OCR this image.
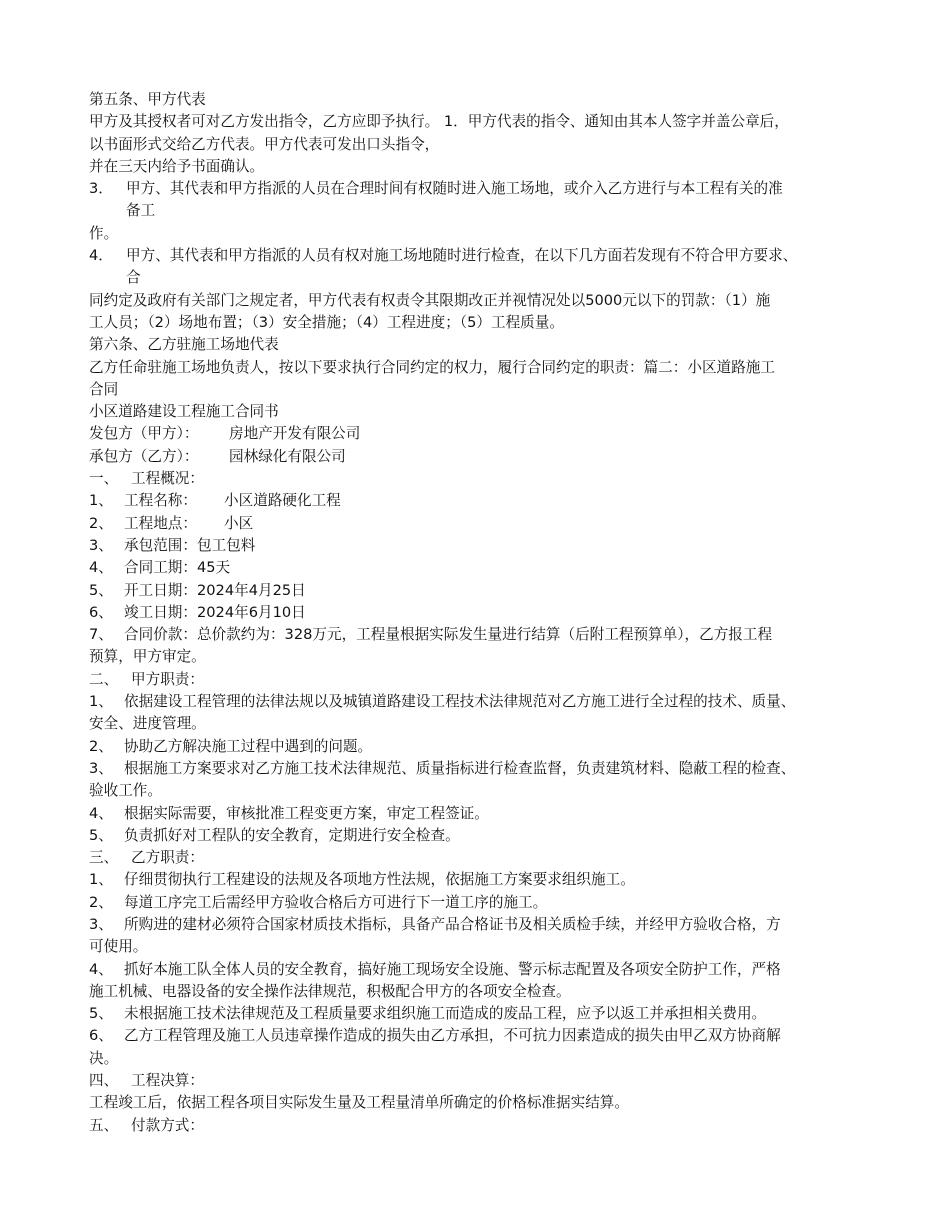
第五条、甲方代表
甲方及其授权者可对乙方发出指令，乙方应即予执行。 1．甲方代表的指令、通知由其本人签字并盖公章后，
以书面形式交给乙方代表。甲方代表可发出口头指令，
并在三天内给予书面确认。
3． 甲方、其代表和甲方指派的人员在合理时间有权随时进入施工场地，或介入乙方进行与本工程有关的准
备工
作。
4． 甲方、其代表和甲方指派的人员有权对施工场地随时进行检查，在以下几方面若发现有不符合甲方要求、
合
同约定及政府有关部门之规定者，甲方代表有权责令其限期改正并视情况处以5000元以下的罚款：（1）施
工人员；（2）场地布置；（3）安全措施；（4）工程进度；（5）工程质量。
第六条、乙方驻施工场地代表
乙方任命驻施工场地负责人，按以下要求执行合同约定的权力，履行合同约定的职责：篇二：小区道路施工
合同
小区道路建设工程施工合同书
发包方（甲方）：	房地产开发有限公司
承包方（乙方）：	园林绿化有限公司
一、 工程概况：
1、 工程名称：	小区道路硬化工程
2、 工程地点：	小区
3、 承包范围：包工包料
4、 合同工期：45天
5、 开工日期：2024年4月25日
6、 竣工日期：2024年6月10日
7、 合同价款：总价款约为：328万元，工程量根据实际发生量进行结算（后附工程预算单），乙方报工程
预算，甲方审定。
二、 甲方职责：
1、 依据建设工程管理的法律法规以及城镇道路建设工程技术法律规范对乙方施工进行全过程的技术、质量、
安全、进度管理。
2、 协助乙方解决施工过程中遇到的问题。
3、 根据施工方案要求对乙方施工技术法律规范、质量指标进行检查监督，负责建筑材料、隐蔽工程的检查、
验收工作。
4、 根据实际需要，审核批准工程变更方案，审定工程签证。
5、 负责抓好对工程队的安全教育，定期进行安全检查。
三、 乙方职责：
1、 仔细贯彻执行工程建设的法规及各项地方性法规，依据施工方案要求组织施工。
2、 每道工序完工后需经甲方验收合格后方可进行下一道工序的施工。
3、 所购进的建材必须符合国家材质技术指标，具备产品合格证书及相关质检手续，并经甲方验收合格，方
可使用。
4、 抓好本施工队全体人员的安全教育，搞好施工现场安全设施、警示标志配置及各项安全防护工作，严格
施工机械、电器设备的安全操作法律规范，积极配合甲方的各项安全检查。
5、 未根据施工技术法律规范及工程质量要求组织施工而造成的废品工程，应予以返工并承担相关费用。
6、 乙方工程管理及施工人员违章操作造成的损失由乙方承担，不可抗力因素造成的损失由甲乙双方协商解
决。
四、 工程决算：
工程竣工后，依据工程各项目实际发生量及工程量清单所确定的价格标准据实结算。
五、 付款方式：
